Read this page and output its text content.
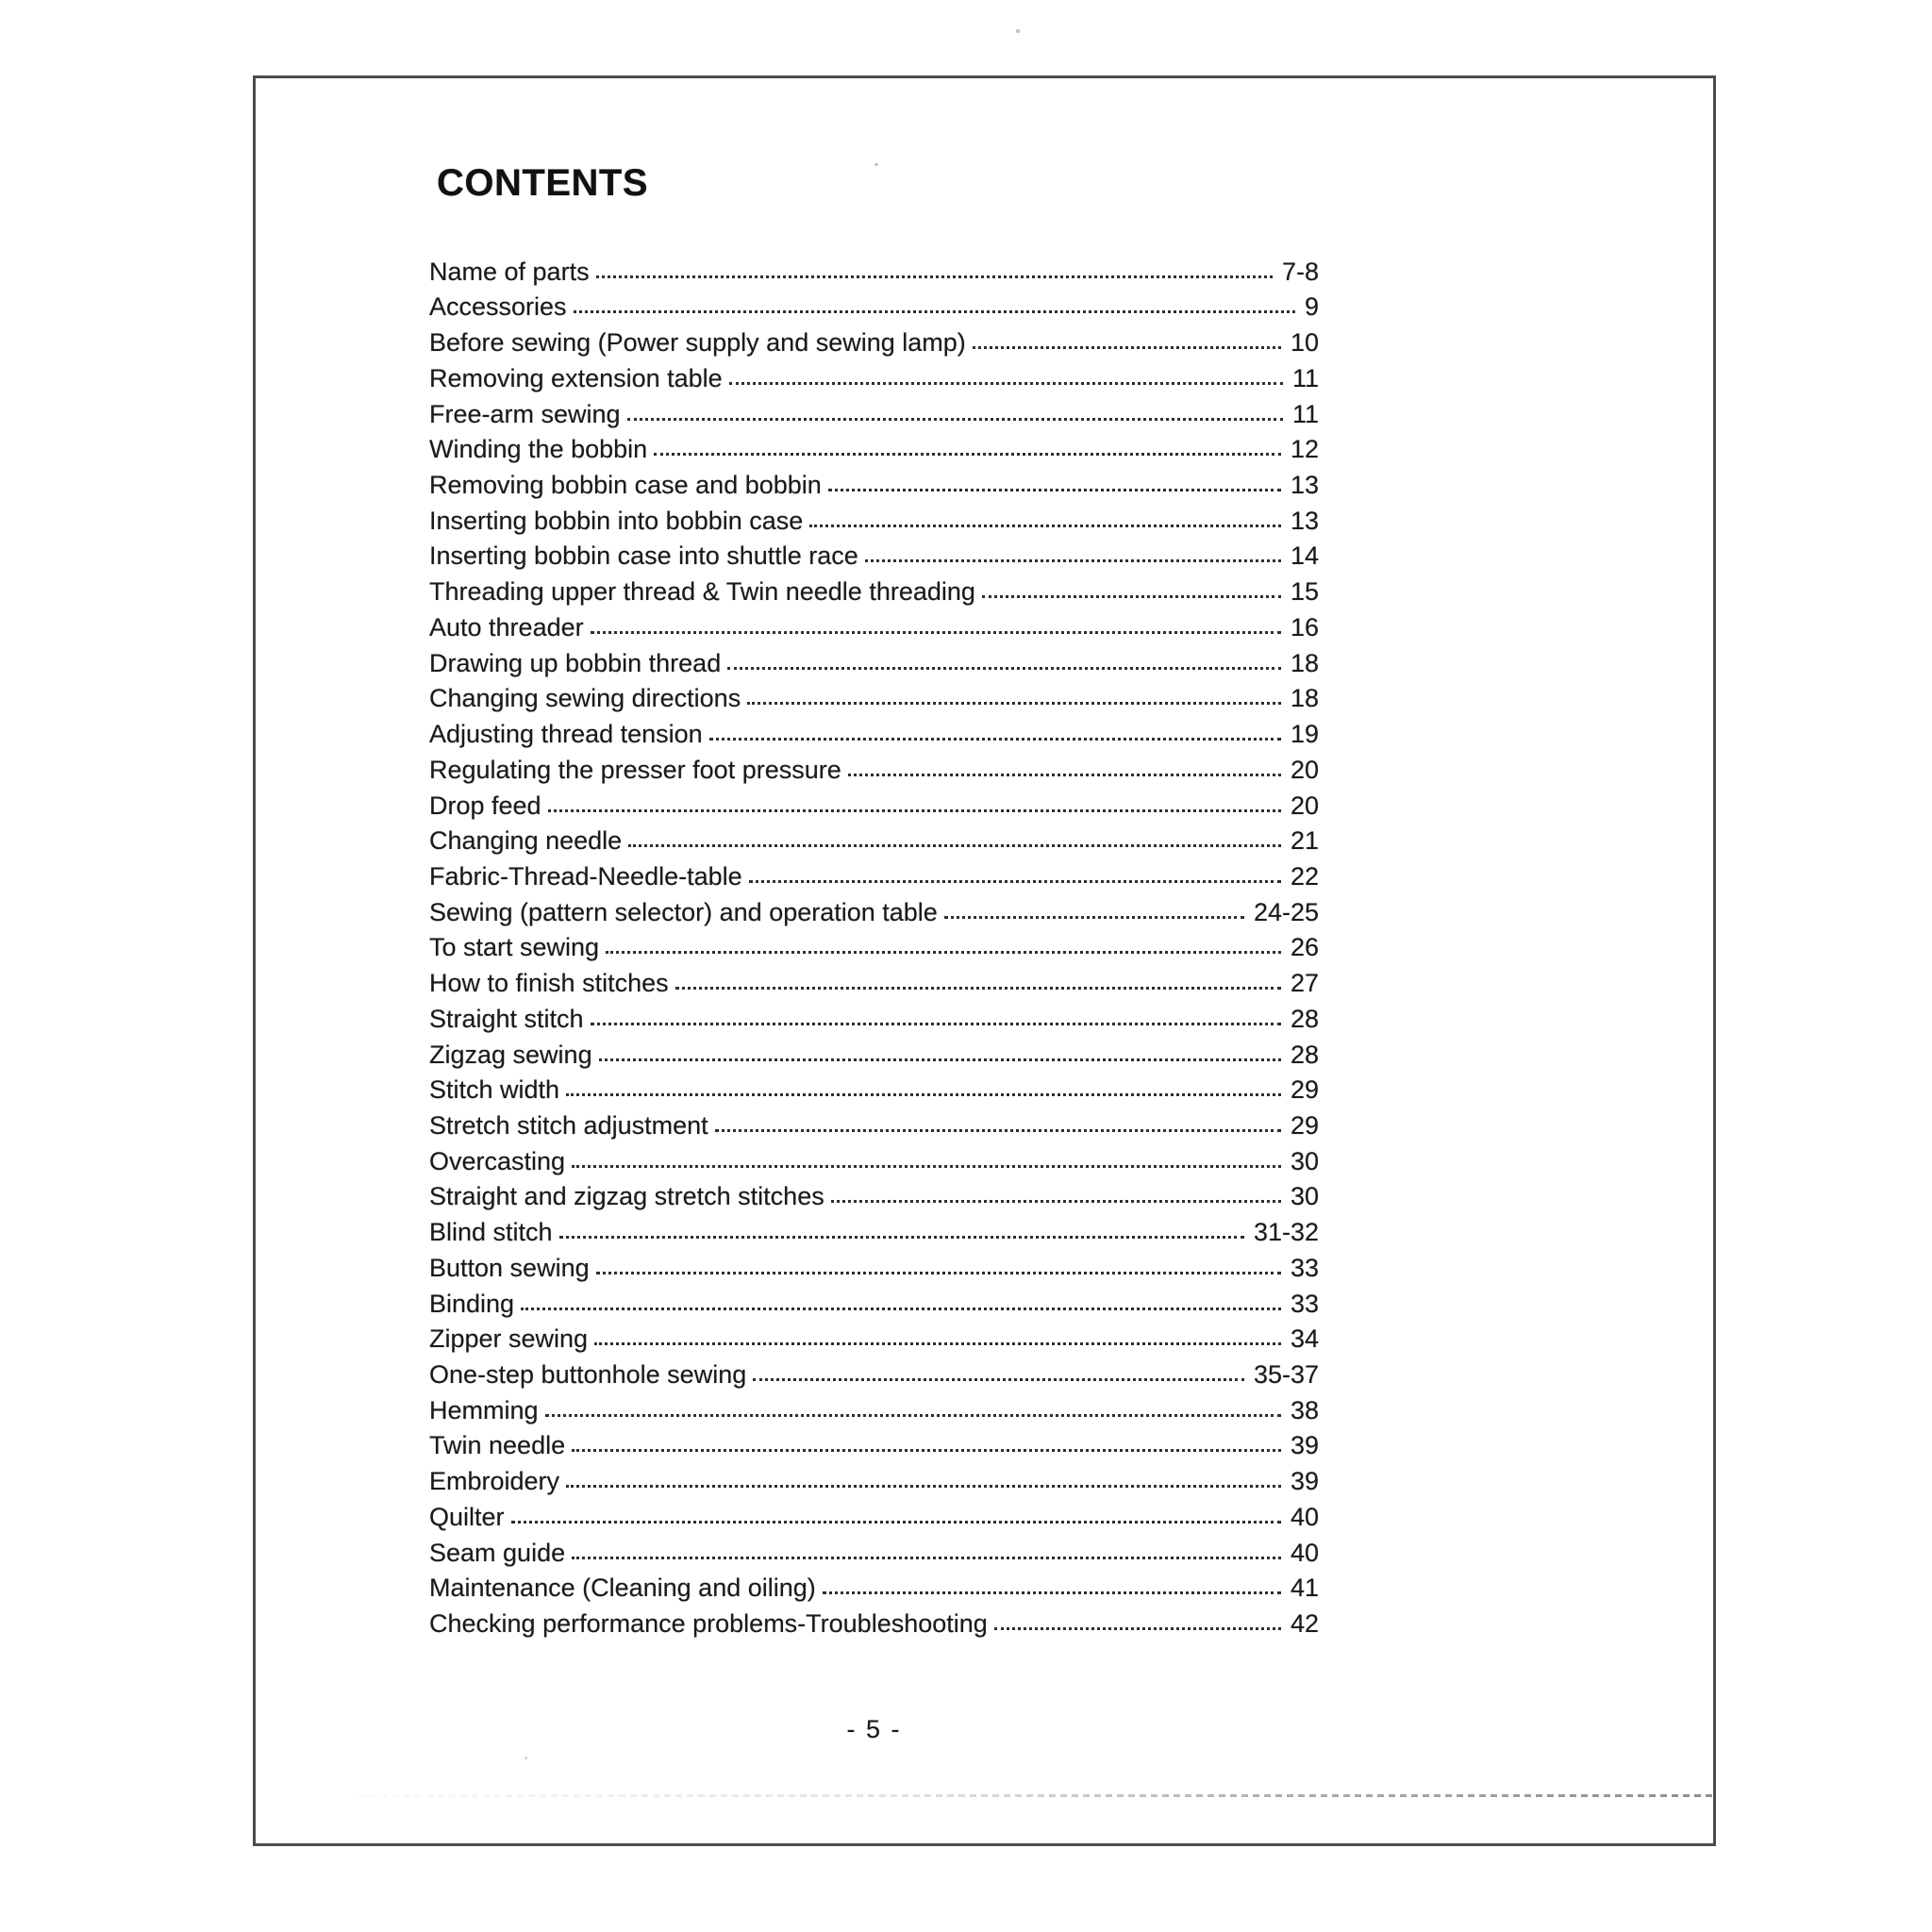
CONTENTS
Name of parts	7-8
Accessories	9
Before sewing (Power supply and sewing lamp)	10
Removing extension table	11
Free-arm sewing	11
Winding the bobbin	12
Removing bobbin case and bobbin	13
Inserting bobbin into bobbin case	13
Inserting bobbin case into shuttle race	14
Threading upper thread & Twin needle threading	15
Auto threader	16
Drawing up bobbin thread	18
Changing sewing directions	18
Adjusting thread tension	19
Regulating the presser foot pressure	20
Drop feed	20
Changing needle	21
Fabric-Thread-Needle-table	22
Sewing (pattern selector) and operation table	24-25
To start sewing	26
How to finish stitches	27
Straight stitch	28
Zigzag sewing	28
Stitch width	29
Stretch stitch adjustment	29
Overcasting	30
Straight and zigzag stretch stitches	30
Blind stitch	31-32
Button sewing	33
Binding	33
Zipper sewing	34
One-step buttonhole sewing	35-37
Hemming	38
Twin needle	39
Embroidery	39
Quilter	40
Seam guide	40
Maintenance (Cleaning and oiling)	41
Checking performance problems-Troubleshooting	42
- 5 -
